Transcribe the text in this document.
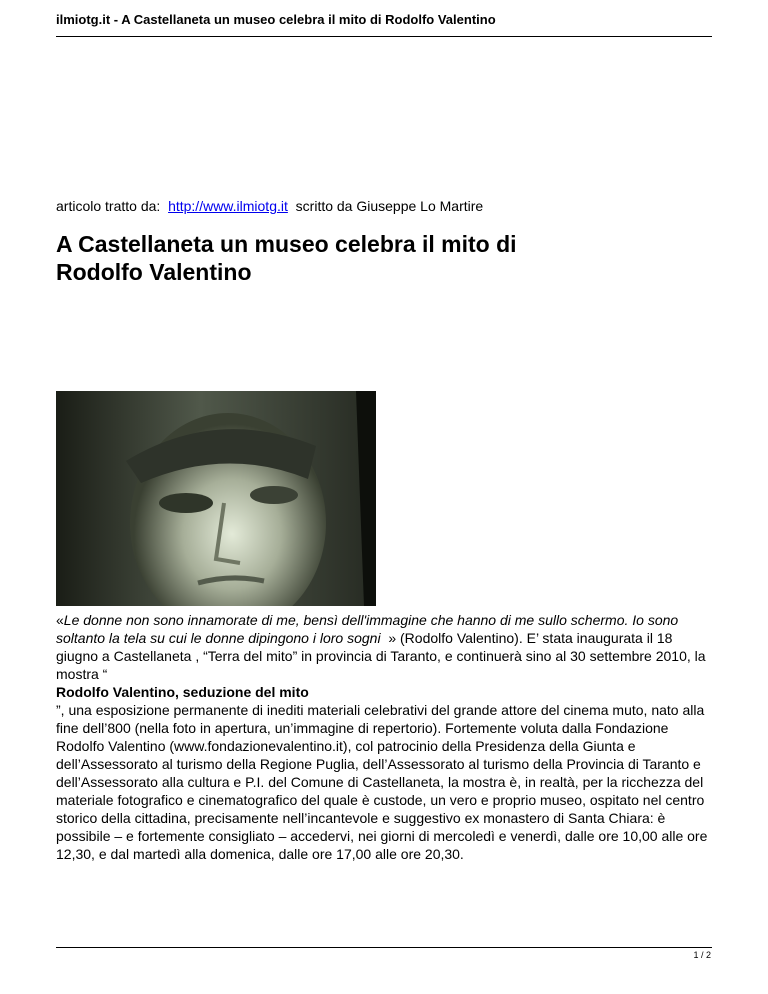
ilmiotg.it - A Castellaneta un museo celebra il mito di Rodolfo Valentino
articolo tratto da: http://www.ilmiotg.it scritto da Giuseppe Lo Martire
A Castellaneta un museo celebra il mito di Rodolfo Valentino

«Le donne non sono innamorate di me, bensì dell'immagine che hanno di me sullo schermo. Io sono soltanto la tela su cui le donne dipingono i loro sogni » (Rodolfo Valentino). E’ stata inaugurata il 18 giugno a Castellaneta , “Terra del mito” in provincia di Taranto, e continuerà sino al 30 settembre 2010, la mostra “

Rodolfo Valentino, seduzione del mito

”, una esposizione permanente di inediti materiali celebrativi del grande attore del cinema muto, nato alla fine dell’800 (nella foto in apertura, un’immagine di repertorio). Fortemente voluta dalla Fondazione Rodolfo Valentino (www.fondazionevalentino.it), col patrocinio della Presidenza della Giunta e dell’Assessorato al turismo della Regione Puglia, dell’Assessorato al turismo della Provincia di Taranto e dell’Assessorato alla cultura e P.I. del Comune di Castellaneta, la mostra è, in realtà, per la ricchezza del materiale fotografico e cinematografico del quale è custode, un vero e proprio museo, ospitato nel centro storico della cittadina, precisamente nell’incantevole e suggestivo ex monastero di Santa Chiara: è possibile – e fortemente consigliato – accedervi, nei giorni di mercoledì e venerdì, dalle ore 10,00 alle ore 12,30, e dal martedì alla domenica, dalle ore 17,00 alle ore 20,30.

1 / 2
